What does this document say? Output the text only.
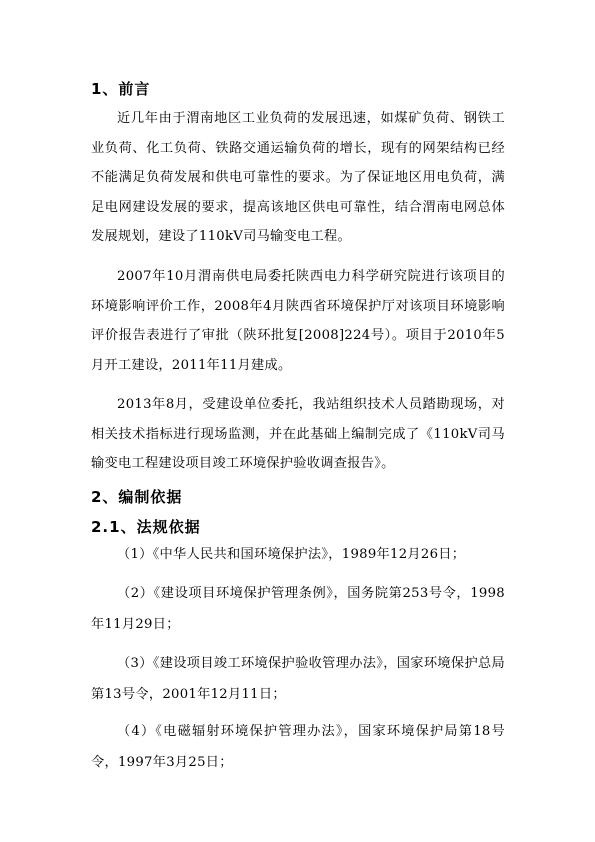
1、前言

近几年由于渭南地区工业负荷的发展迅速，如煤矿负荷、钢铁工业负荷、化工负荷、铁路交通运输负荷的增长，现有的网架结构已经不能满足负荷发展和供电可靠性的要求。为了保证地区用电负荷，满足电网建设发展的要求，提高该地区供电可靠性，结合渭南电网总体发展规划，建设了110kV司马输变电工程。

2007年10月渭南供电局委托陕西电力科学研究院进行该项目的环境影响评价工作，2008年4月陕西省环境保护厅对该项目环境影响评价报告表进行了审批（陕环批复[2008]224号）。项目于2010年5月开工建设，2011年11月建成。

2013年8月，受建设单位委托，我站组织技术人员踏勘现场，对相关技术指标进行现场监测，并在此基础上编制完成了《110kV司马输变电工程建设项目竣工环境保护验收调查报告》。

2、编制依据
2.1、法规依据

（1）《中华人民共和国环境保护法》，1989年12月26日；

（2）《建设项目环境保护管理条例》，国务院第253号令，1998年11月29日；

（3）《建设项目竣工环境保护验收管理办法》，国家环境保护总局第13号令，2001年12月11日；

（4）《电磁辐射环境保护管理办法》，国家环境保护局第18号令，1997年3月25日；
